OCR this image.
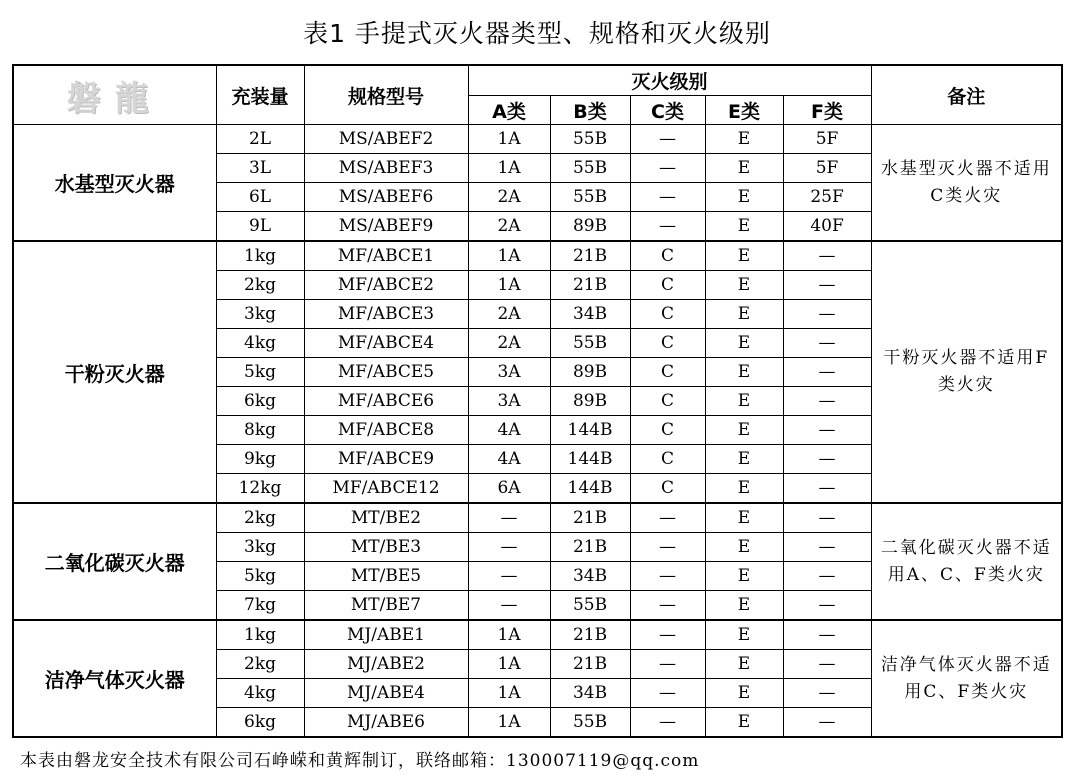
表1 手提式灭火器类型、规格和灭火级别
磐龍	充装量	规格型号	灭火级别					备注
			A类	B类	C类	E类	F类	
水基型灭火器	2L	MS/ABEF2	1A	55B	—	E	5F	水基型灭火器不适用C类火灾
	3L	MS/ABEF3	1A	55B	—	E	5F	
	6L	MS/ABEF6	2A	55B	—	E	25F	
	9L	MS/ABEF9	2A	89B	—	E	40F	
干粉灭火器	1kg	MF/ABCE1	1A	21B	C	E	—	干粉灭火器不适用F类火灾
	2kg	MF/ABCE2	1A	21B	C	E	—	
	3kg	MF/ABCE3	2A	34B	C	E	—	
	4kg	MF/ABCE4	2A	55B	C	E	—	
	5kg	MF/ABCE5	3A	89B	C	E	—	
	6kg	MF/ABCE6	3A	89B	C	E	—	
	8kg	MF/ABCE8	4A	144B	C	E	—	
	9kg	MF/ABCE9	4A	144B	C	E	—	
	12kg	MF/ABCE12	6A	144B	C	E	—	
二氧化碳灭火器	2kg	MT/BE2	—	21B	—	E	—	二氧化碳灭火器不适用A、C、F类火灾
	3kg	MT/BE3	—	21B	—	E	—	
	5kg	MT/BE5	—	34B	—	E	—	
	7kg	MT/BE7	—	55B	—	E	—	
洁净气体灭火器	1kg	MJ/ABE1	1A	21B	—	E	—	洁净气体灭火器不适用C、F类火灾
	2kg	MJ/ABE2	1A	21B	—	E	—	
	4kg	MJ/ABE4	1A	34B	—	E	—	
	6kg	MJ/ABE6	1A	55B	—	E	—	
本表由磐龙安全技术有限公司石峥嵘和黄辉制订，联络邮箱：130007119@qq.com
